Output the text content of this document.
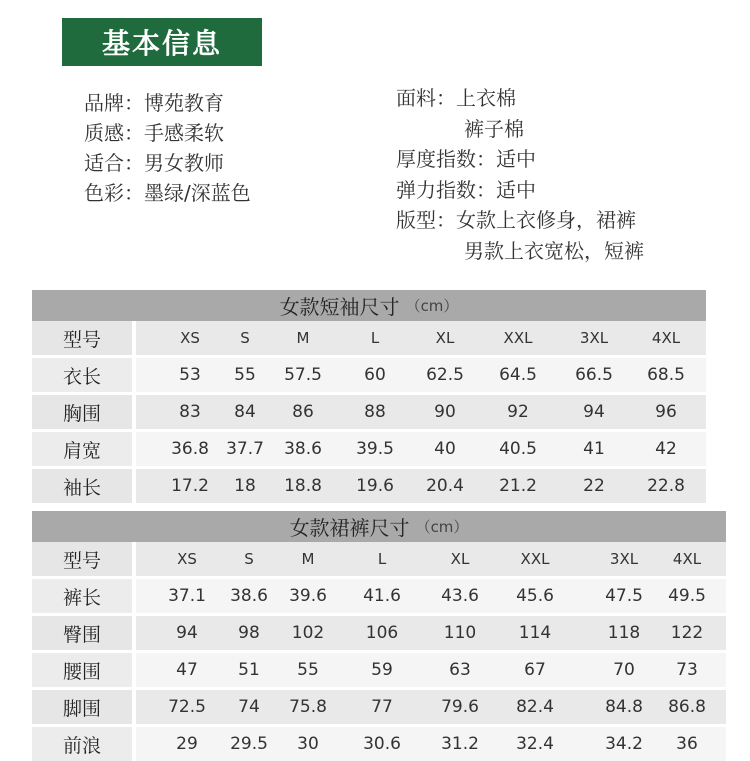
基本信息
品牌： 博苑教育
质感： 手感柔软
适合： 男女教师
色彩： 墨绿/深蓝色
面料： 上衣棉
裤子棉
厚度指数： 适中
弹力指数： 适中
版型： 女款上衣修身，裙裤
男款上衣宽松，短裤
女款短袖尺寸 （cm）
型号	XS	S	M	L	XL	XXL	3XL	4XL
衣长	53 55 57.5 60 62.5 64.5 66.5 68.5
胸围	83 84 86	88	90	92	94	96
肩宽	36.8 37.7 38.6 39.5 40	40.5	41	42
袖长	17.2 18 18.8 19.6 20.4 21.2	22 22.8
女款裙裤尺寸 （cm）
型号	XS	S	M	L	XL	XXL	3XL 4XL
裤长	37.1 38.6 39.6 41.6 43.6 45.6	47.5 49.5
臀围	94 98 102 106	110	114	118 122
腰围	47 51 55	59	63	67	70 73
脚围	72.5 74 75.8	77	79.6 82.4	84.8 86.8
前浪	29 29.5 30	30.6 31.2 32.4	34.2 36
